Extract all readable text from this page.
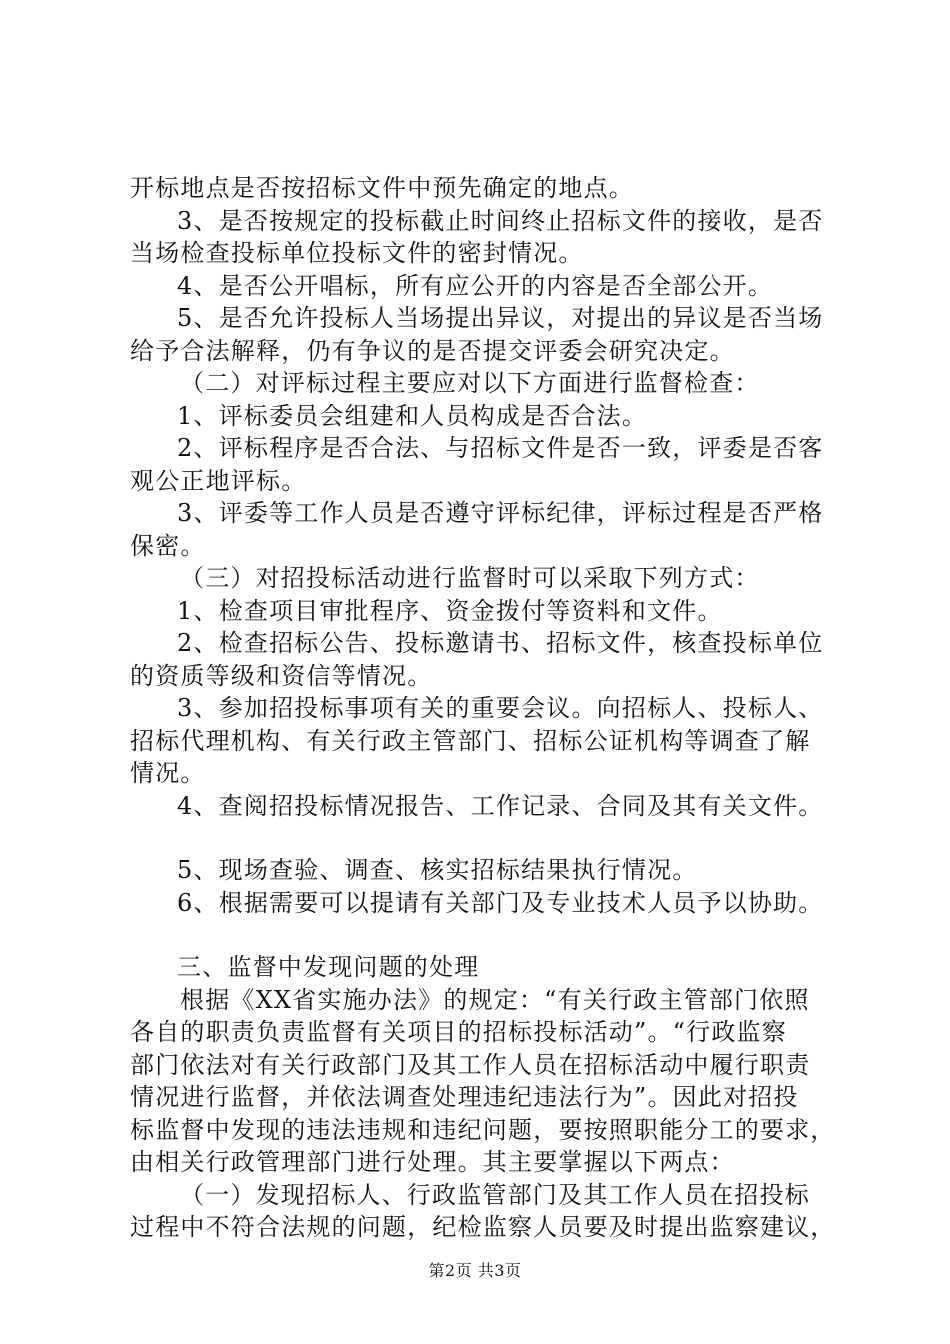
开标地点是否按招标文件中预先确定的地点。
3、是否按规定的投标截止时间终止招标文件的接收，是否
当场检查投标单位投标文件的密封情况。
4、是否公开唱标，所有应公开的内容是否全部公开。
5、是否允许投标人当场提出异议，对提出的异议是否当场
给予合法解释，仍有争议的是否提交评委会研究决定。
（二）对评标过程主要应对以下方面进行监督检查：
1、评标委员会组建和人员构成是否合法。
2、评标程序是否合法、与招标文件是否一致，评委是否客
观公正地评标。
3、评委等工作人员是否遵守评标纪律，评标过程是否严格
保密。
（三）对招投标活动进行监督时可以采取下列方式：
1、检查项目审批程序、资金拨付等资料和文件。
2、检查招标公告、投标邀请书、招标文件，核查投标单位
的资质等级和资信等情况。
3、参加招投标事项有关的重要会议。向招标人、投标人、
招标代理机构、有关行政主管部门、招标公证机构等调查了解
情况。
4、查阅招投标情况报告、工作记录、合同及其有关文件。
5、现场查验、调查、核实招标结果执行情况。
6、根据需要可以提请有关部门及专业技术人员予以协助。
三、监督中发现问题的处理
根据《XX省实施办法》的规定：“有关行政主管部门依照
各自的职责负责监督有关项目的招标投标活动”。“行政监察
部门依法对有关行政部门及其工作人员在招标活动中履行职责
情况进行监督，并依法调查处理违纪违法行为”。因此对招投
标监督中发现的违法违规和违纪问题，要按照职能分工的要求，
由相关行政管理部门进行处理。其主要掌握以下两点：
（一）发现招标人、行政监管部门及其工作人员在招投标
过程中不符合法规的问题，纪检监察人员要及时提出监察建议，
第2页 共3页
